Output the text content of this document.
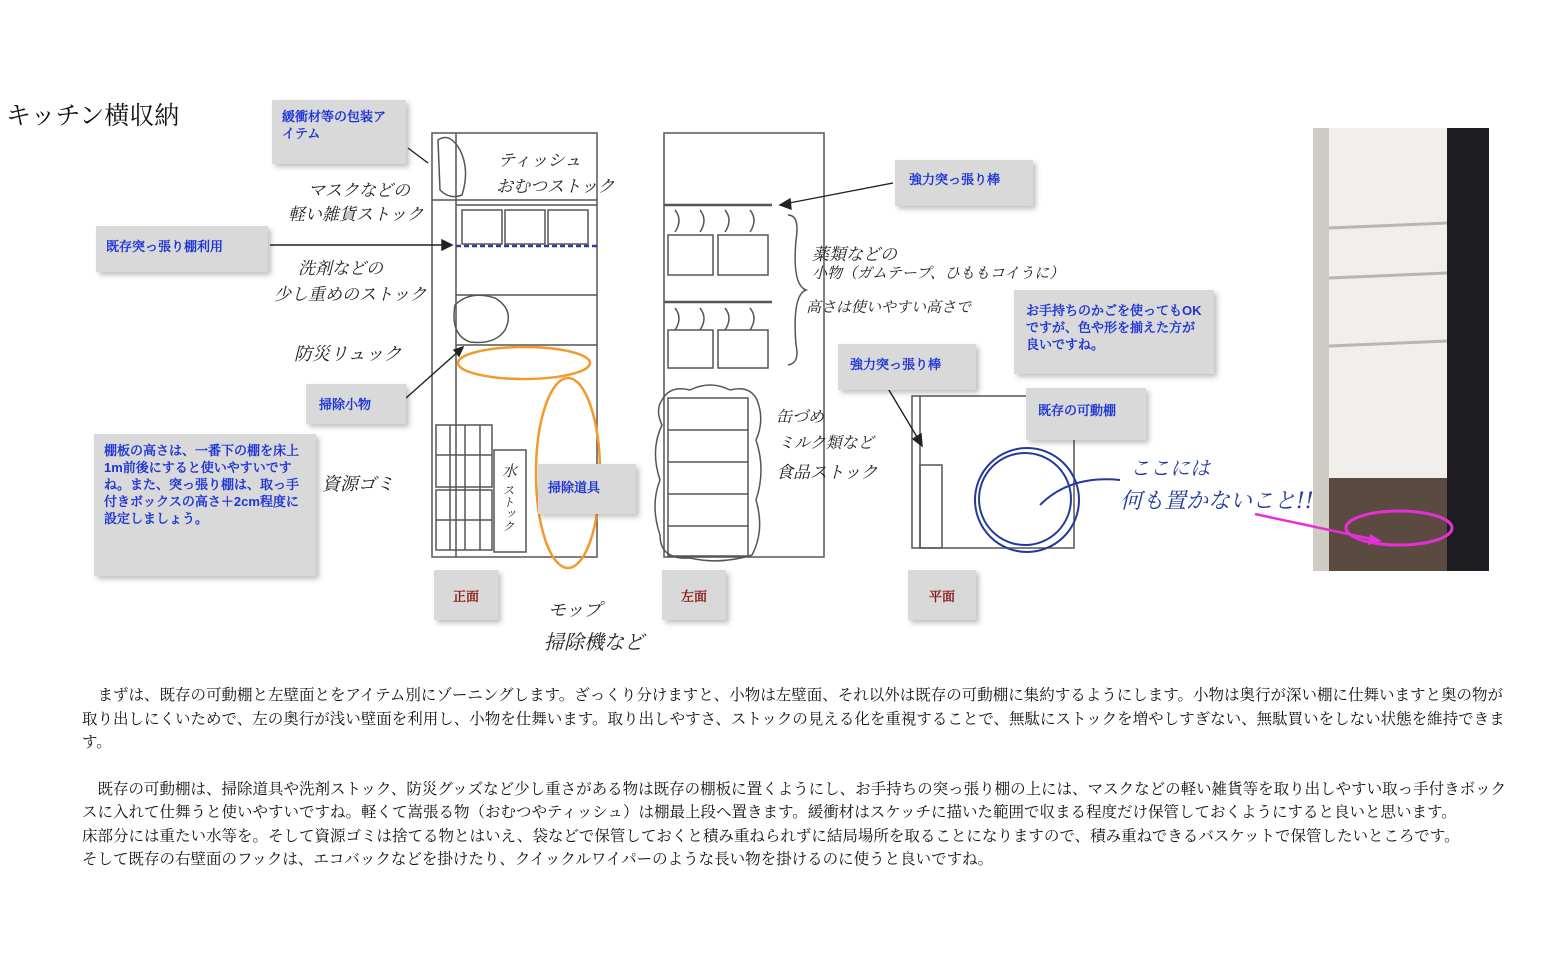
キッチン横収納	緩衝材等の包装アイテム
既存突っ張り棚利用
掃除小物
棚板の高さは、一番下の棚を床上1m前後にすると使いやすいですね。また、突っ張り棚は、取っ手付きボックスの高さ＋2cm程度に設定しましょう。
掃除道具
強力突っ張り棒
お手持ちのかごを使ってもOKですが、色や形を揃えた方が良いですね。
強力突っ張り棒
既存の可動棚
正面	左面	平面
ティッシュ
おむつストック
マスクなどの
軽い雑貨ストック
洗剤などの
少し重めのストック
防災リュック
資源ゴミ
水
ストック
モップ
掃除機など
薬類などの
小物（ガムテープ、ひももコイうに）
高さは使いやすい高さで
缶づめ
ミルク類など
食品ストック	ここには
何も置かないこと!!

　まずは、既存の可動棚と左壁面とをアイテム別にゾーニングします。ざっくり分けますと、小物は左壁面、それ以外は既存の可動棚に集約するようにします。小物は奥行が深い棚に仕舞いますと奥の物が取り出しにくいためで、左の奥行が浅い壁面を利用し、小物を仕舞います。取り出しやすさ、ストックの見える化を重視することで、無駄にストックを増やしすぎない、無駄買いをしない状態を維持できます。

　既存の可動棚は、掃除道具や洗剤ストック、防災グッズなど少し重さがある物は既存の棚板に置くようにし、お手持ちの突っ張り棚の上には、マスクなどの軽い雑貨等を取り出しやすい取っ手付きボックスに入れて仕舞うと使いやすいですね。軽くて嵩張る物（おむつやティッシュ）は棚最上段へ置きます。緩衝材はスケッチに描いた範囲で収まる程度だけ保管しておくようにすると良いと思います。

床部分には重たい水等を。そして資源ゴミは捨てる物とはいえ、袋などで保管しておくと積み重ねられずに結局場所を取ることになりますので、積み重ねできるバスケットで保管したいところです。

そして既存の右壁面のフックは、エコバックなどを掛けたり、クイックルワイパーのような長い物を掛けるのに使うと良いですね。
